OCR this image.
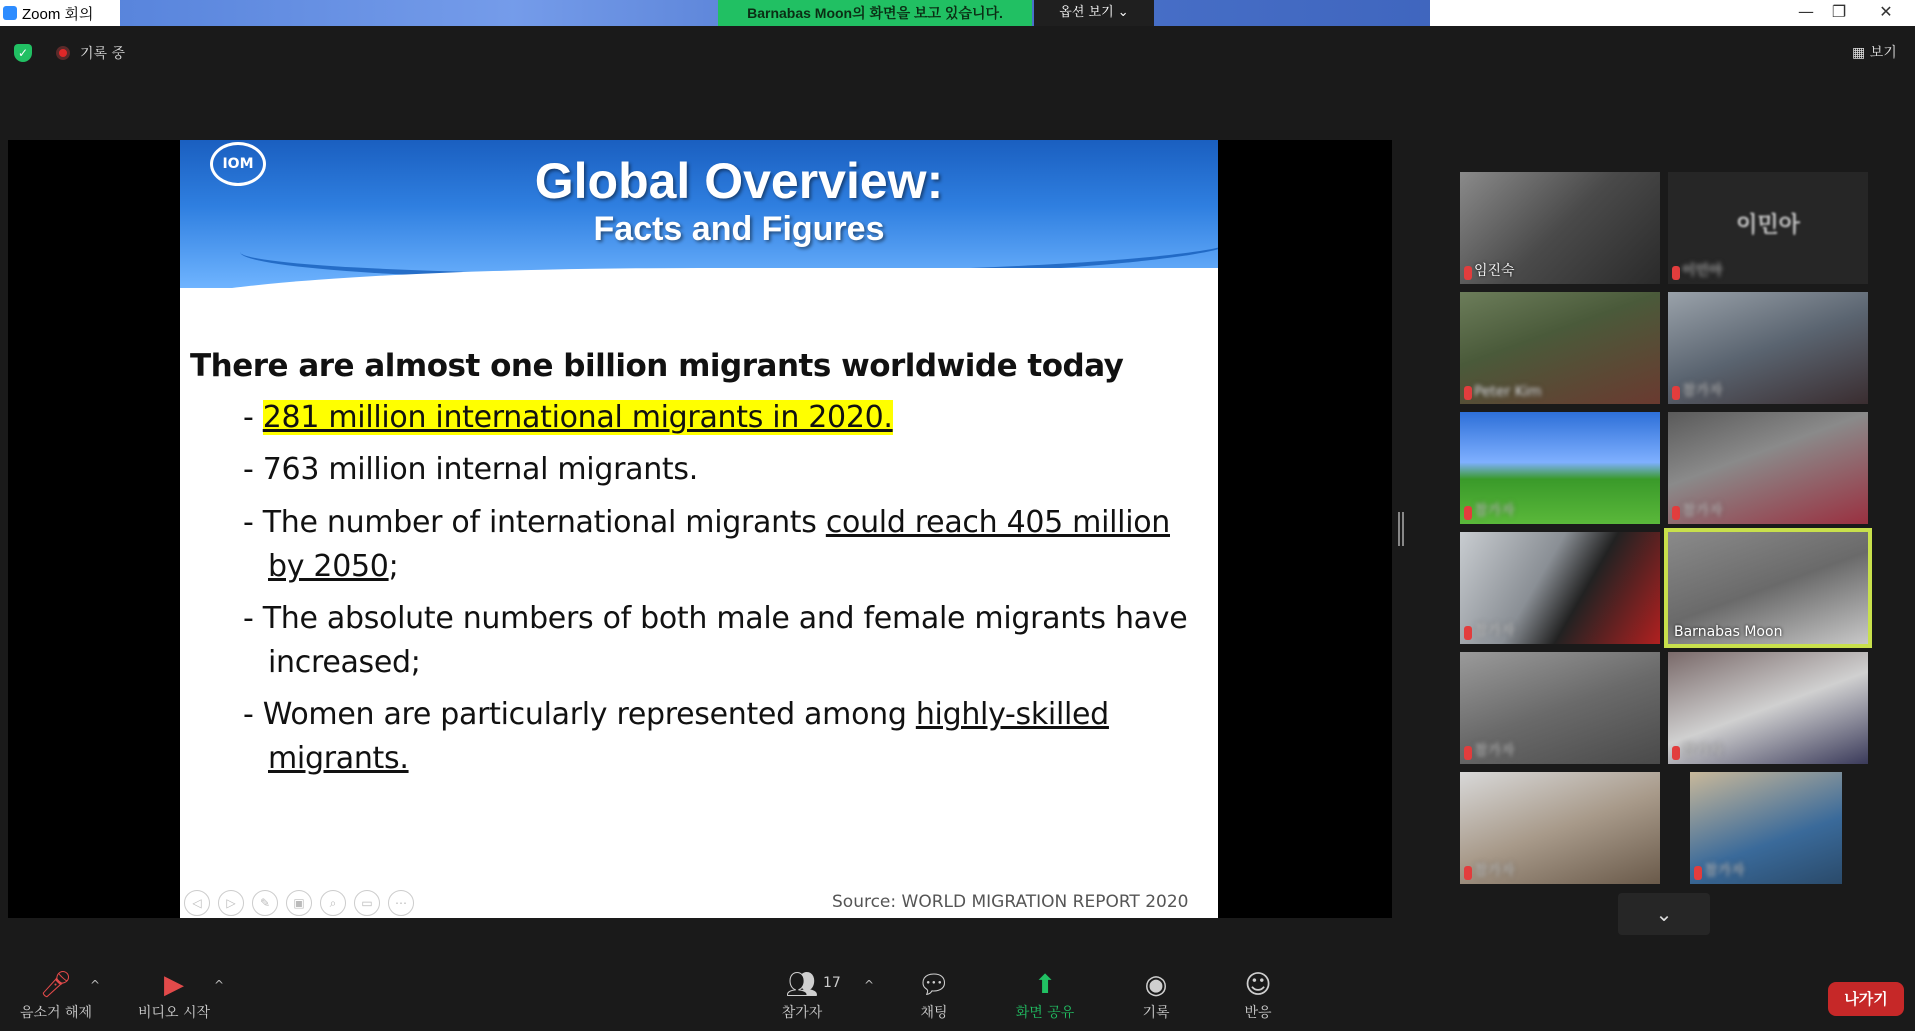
Zoom 회의	Barnabas Moon의 화면을 보고 있습니다.	옵션 보기 ⌄	—	❐	✕
✓	기록 중	▦ 보기
IOM	Global Overview:
Facts and Figures
There are almost one billion migrants worldwide today
- 281 million international migrants in 2020.
- 763 million internal migrants.
- The number of international migrants could reach 405 million
by 2050;
- The absolute numbers of both male and female migrants have
increased;
- Women are particularly represented among highly-skilled
migrants.
Source: WORLD MIGRATION REPORT 2020
◁	▷	✎	▣	⌕	▭	⋯
임진숙
이민아
이민아
Peter Kim	참가자
참가자	참가자
참가자	Barnabas Moon
참가자	참가자
참가자	참가자
⌄
🎤︎
음소거 해제
^	▶︎
비디오 시작
^	👥︎
참가자
17 ^	💬︎
채팅
⬆︎
화면 공유
◉
기록
☺
반응
나가기
